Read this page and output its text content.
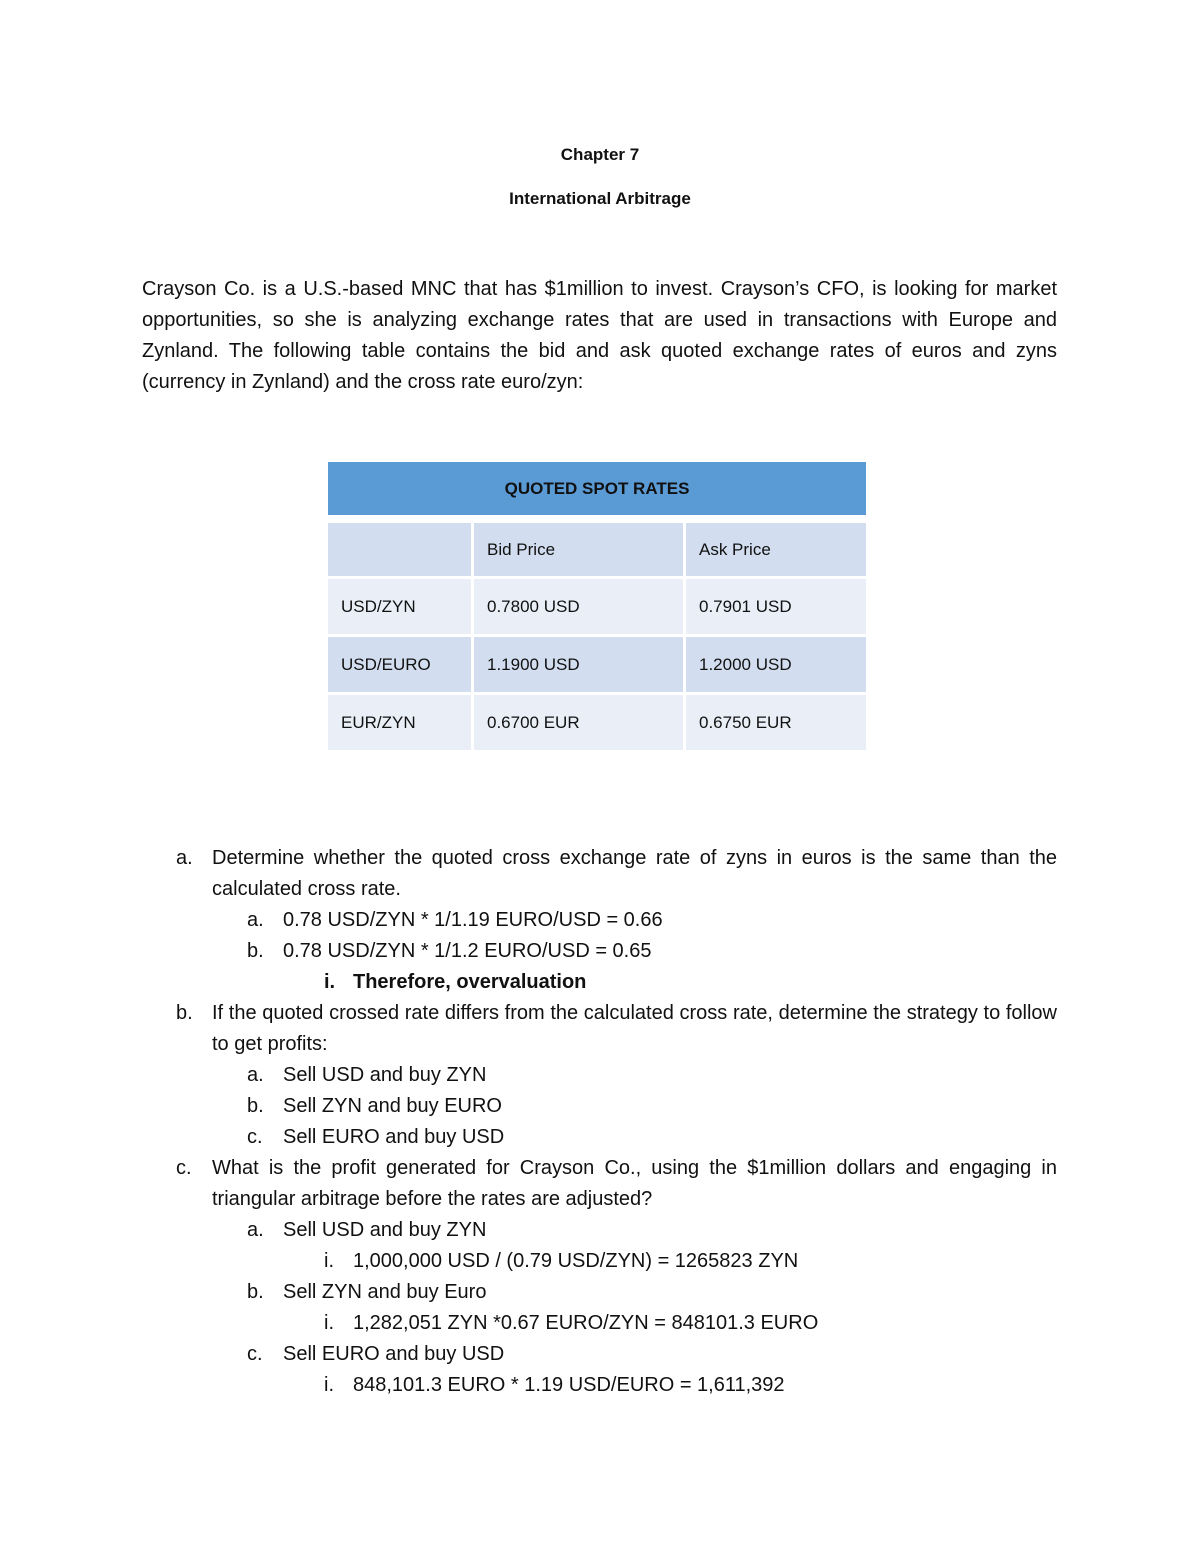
Chapter 7
International Arbitrage
Crayson Co. is a U.S.-based MNC that has $1million to invest. Crayson’s CFO, is looking for market opportunities, so she is analyzing exchange rates that are used in transactions with Europe and Zynland. The following table contains the bid and ask quoted exchange rates of euros and zyns (currency in Zynland) and the cross rate euro/zyn:
QUOTED SPOT RATES		

	Bid Price	Ask Price
USD/ZYN	0.7800 USD	0.7901 USD
USD/EURO	1.1900 USD	1.2000 USD
EUR/ZYN	0.6700 EUR	0.6750 EUR
a. Determine whether the quoted cross exchange rate of zyns in euros is the same than the calculated cross rate.
a. 0.78 USD/ZYN * 1/1.19 EURO/USD = 0.66
b. 0.78 USD/ZYN * 1/1.2 EURO/USD = 0.65
i. Therefore, overvaluation
b. If the quoted crossed rate differs from the calculated cross rate, determine the strategy to follow to get profits:
a. Sell USD and buy ZYN
b. Sell ZYN and buy EURO
c. Sell EURO and buy USD
c. What is the profit generated for Crayson Co., using the $1million dollars and engaging in triangular arbitrage before the rates are adjusted?
a. Sell USD and buy ZYN
i. 1,000,000 USD / (0.79 USD/ZYN) = 1265823 ZYN
b. Sell ZYN and buy Euro
i. 1,282,051 ZYN *0.67 EURO/ZYN = 848101.3 EURO
c. Sell EURO and buy USD
i. 848,101.3 EURO * 1.19 USD/EURO = 1,611,392
